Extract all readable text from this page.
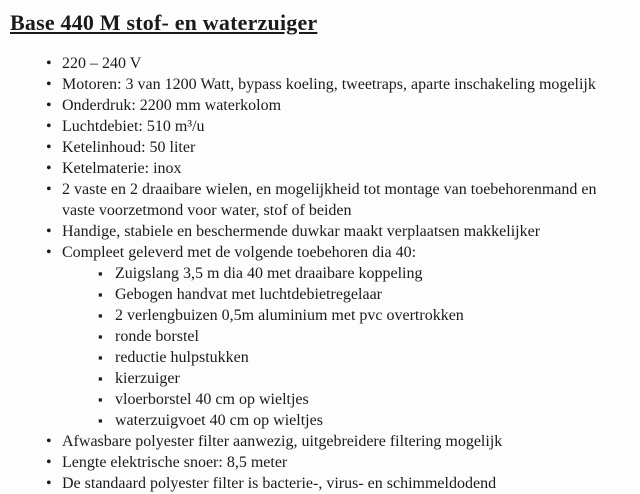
Base 440 M stof- en waterzuiger
• 220 – 240 V
• Motoren: 3 van 1200 Watt, bypass koeling, tweetraps, aparte inschakeling mogelijk
• Onderdruk: 2200 mm waterkolom
• Luchtdebiet: 510 m³/u
• Ketelinhoud: 50 liter
• Ketelmaterie: inox
• 2 vaste en 2 draaibare wielen, en mogelijkheid tot montage van toebehorenmand en vaste voorzetmond voor water, stof of beiden
• Handige, stabiele en beschermende duwkar maakt verplaatsen makkelijker
• Compleet geleverd met de volgende toebehoren dia 40:
▪ Zuigslang 3,5 m dia 40 met draaibare koppeling
▪ Gebogen handvat met luchtdebietregelaar
▪ 2 verlengbuizen 0,5m aluminium met pvc overtrokken
▪ ronde borstel
▪ reductie hulpstukken
▪ kierzuiger
▪ vloerborstel 40 cm op wieltjes
▪ waterzuigvoet 40 cm op wieltjes
• Afwasbare polyester filter aanwezig, uitgebreidere filtering mogelijk
• Lengte elektrische snoer: 8,5 meter
• De standaard polyester filter is bacterie-, virus- en schimmeldodend
